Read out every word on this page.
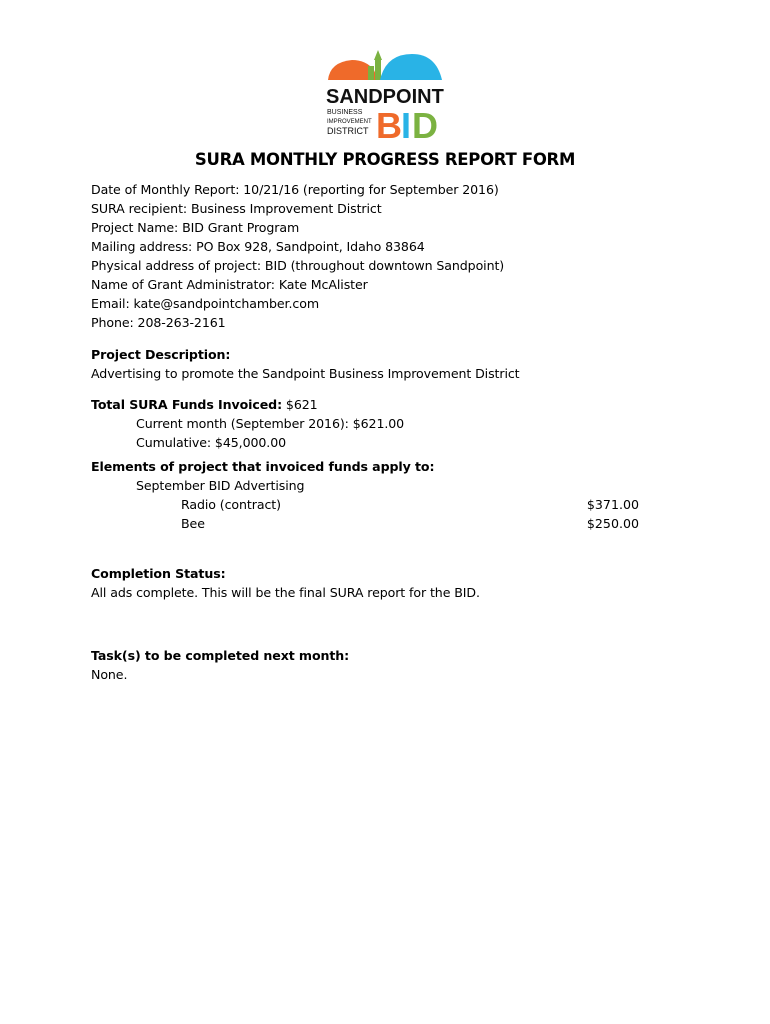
SANDPOINT
BUSINESS
IMPROVEMENT
DISTRICT B I D
SURA MONTHLY PROGRESS REPORT FORM
Date of Monthly Report: 10/21/16 (reporting for September 2016)
SURA recipient: Business Improvement District
Project Name: BID Grant Program
Mailing address: PO Box 928, Sandpoint, Idaho 83864
Physical address of project: BID (throughout downtown Sandpoint)
Name of Grant Administrator: Kate McAlister
Email: kate@sandpointchamber.com
Phone: 208-263-2161
Project Description:
Advertising to promote the Sandpoint Business Improvement District
Total SURA Funds Invoiced: $621
Current month (September 2016): $621.00
Cumulative: $45,000.00
Elements of project that invoiced funds apply to:
September BID Advertising
Radio (contract)	$371.00
Bee	$250.00
Completion Status:
All ads complete. This will be the final SURA report for the BID.
Task(s) to be completed next month:
None.
